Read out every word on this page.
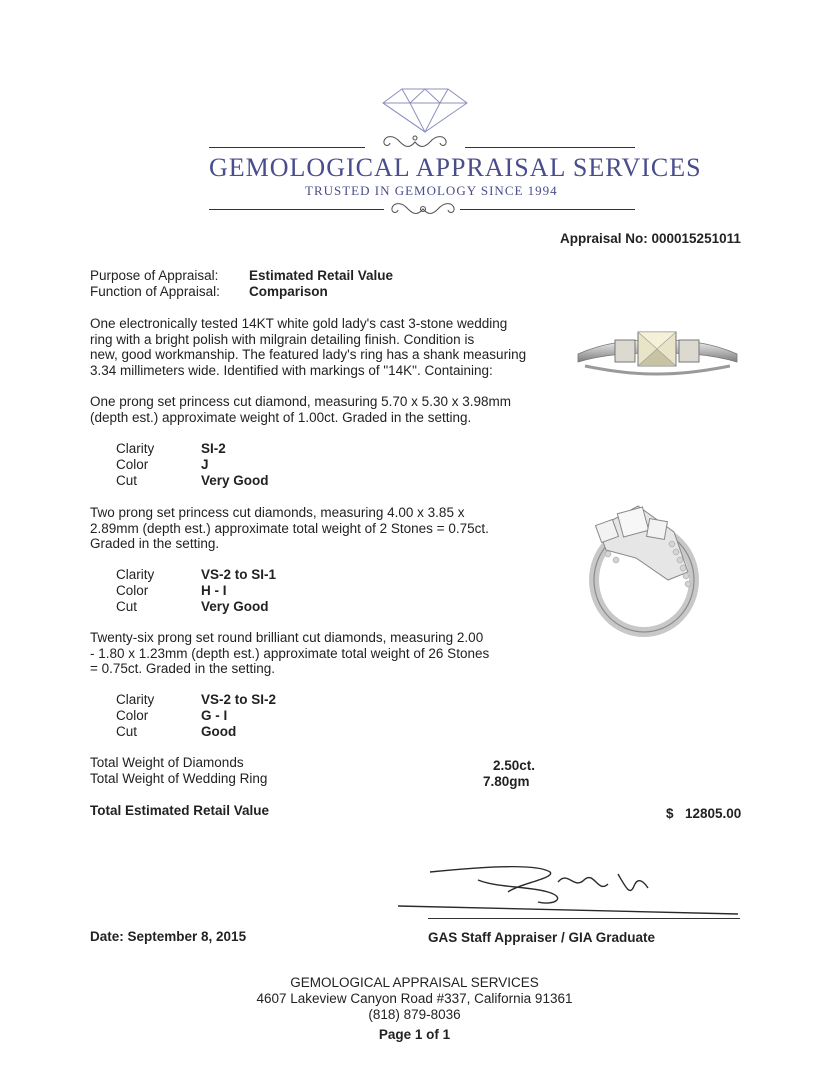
GEMOLOGICAL APPRAISAL SERVICES
TRUSTED IN GEMOLOGY SINCE 1994
Appraisal No: 000015251011
Purpose of Appraisal: Estimated Retail Value
Function of Appraisal: Comparison
One electronically tested 14KT white gold lady's cast 3-stone wedding
ring with a bright polish with milgrain detailing finish. Condition is
new, good workmanship. The featured lady's ring has a shank measuring
3.34 millimeters wide. Identified with markings of "14K". Containing:
One prong set princess cut diamond, measuring 5.70 x 5.30 x 3.98mm
(depth est.) approximate weight of 1.00ct. Graded in the setting.
Clarity	SI-2
Color	J
Cut	Very Good
Two prong set princess cut diamonds, measuring 4.00 x 3.85 x
2.89mm (depth est.) approximate total weight of 2 Stones = 0.75ct.
Graded in the setting.
Clarity	VS-2 to SI-1
Color	H - I
Cut	Very Good
Twenty-six prong set round brilliant cut diamonds, measuring 2.00
- 1.80 x 1.23mm (depth est.) approximate total weight of 26 Stones
= 0.75ct. Graded in the setting.
Clarity	VS-2 to SI-2
Color	G - I
Cut	Good
Total Weight of Diamonds	2.50ct.
Total Weight of Wedding Ring	7.80gm
Total Estimated Retail Value	$ 12805.00
Date: September 8, 2015	GAS Staff Appraiser / GIA Graduate
GEMOLOGICAL APPRAISAL SERVICES
4607 Lakeview Canyon Road #337, California 91361
(818) 879-8036
Page 1 of 1
